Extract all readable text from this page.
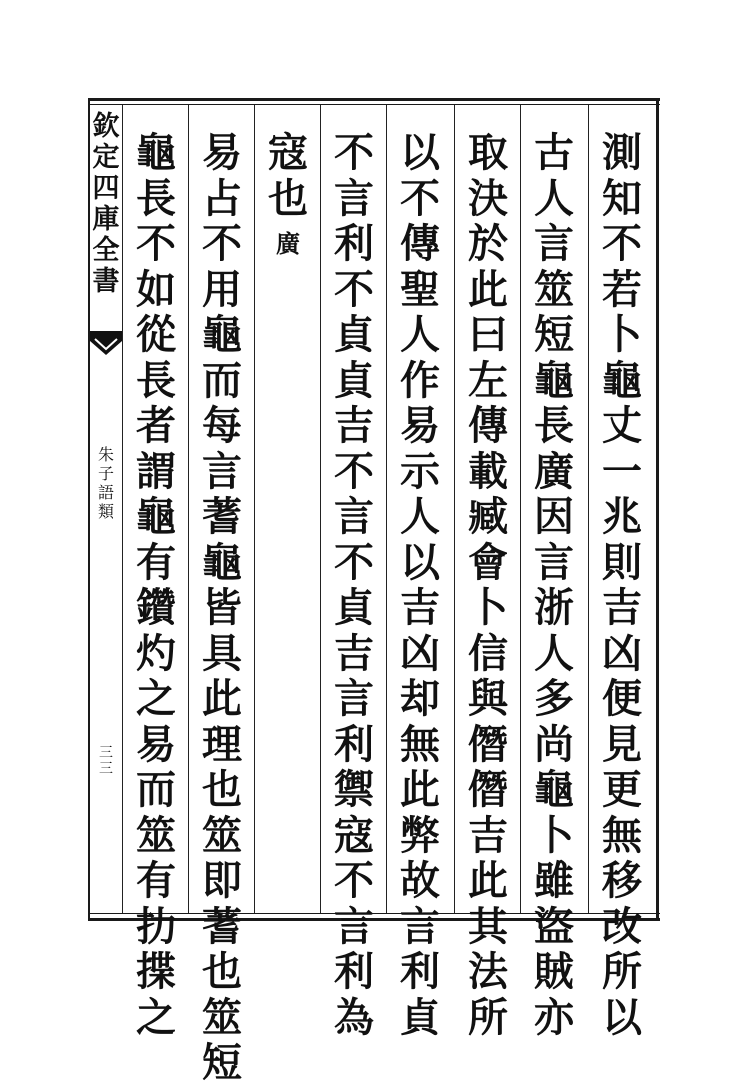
欽
定
四
庫
全
書
朱
子
語
類
三
三
測
知
不
若
卜
龜
丈
一
兆
則
吉
凶
便
見
更
無
移
改
所
以
古
人
言
筮
短
龜
長
廣
因
言
浙
人
多
尚
龜
卜
雖
盜
賊
亦
取
決
於
此
曰
左
傳
載
臧
會
卜
信
與
僭
僭
吉
此
其
法
所
以
不
傳
聖
人
作
易
示
人
以
吉
凶
却
無
此
弊
故
言
利
貞
不
言
利
不
貞
貞
吉
不
言
不
貞
吉
言
利
禦
寇
不
言
利
為
寇
也
廣
易
占
不
用
龜
而
每
言
蓍
龜
皆
具
此
理
也
筮
即
蓍
也
筮
短
龜
長
不
如
從
長
者
謂
龜
有
鑽
灼
之
易
而
筮
有
扐
揲
之
